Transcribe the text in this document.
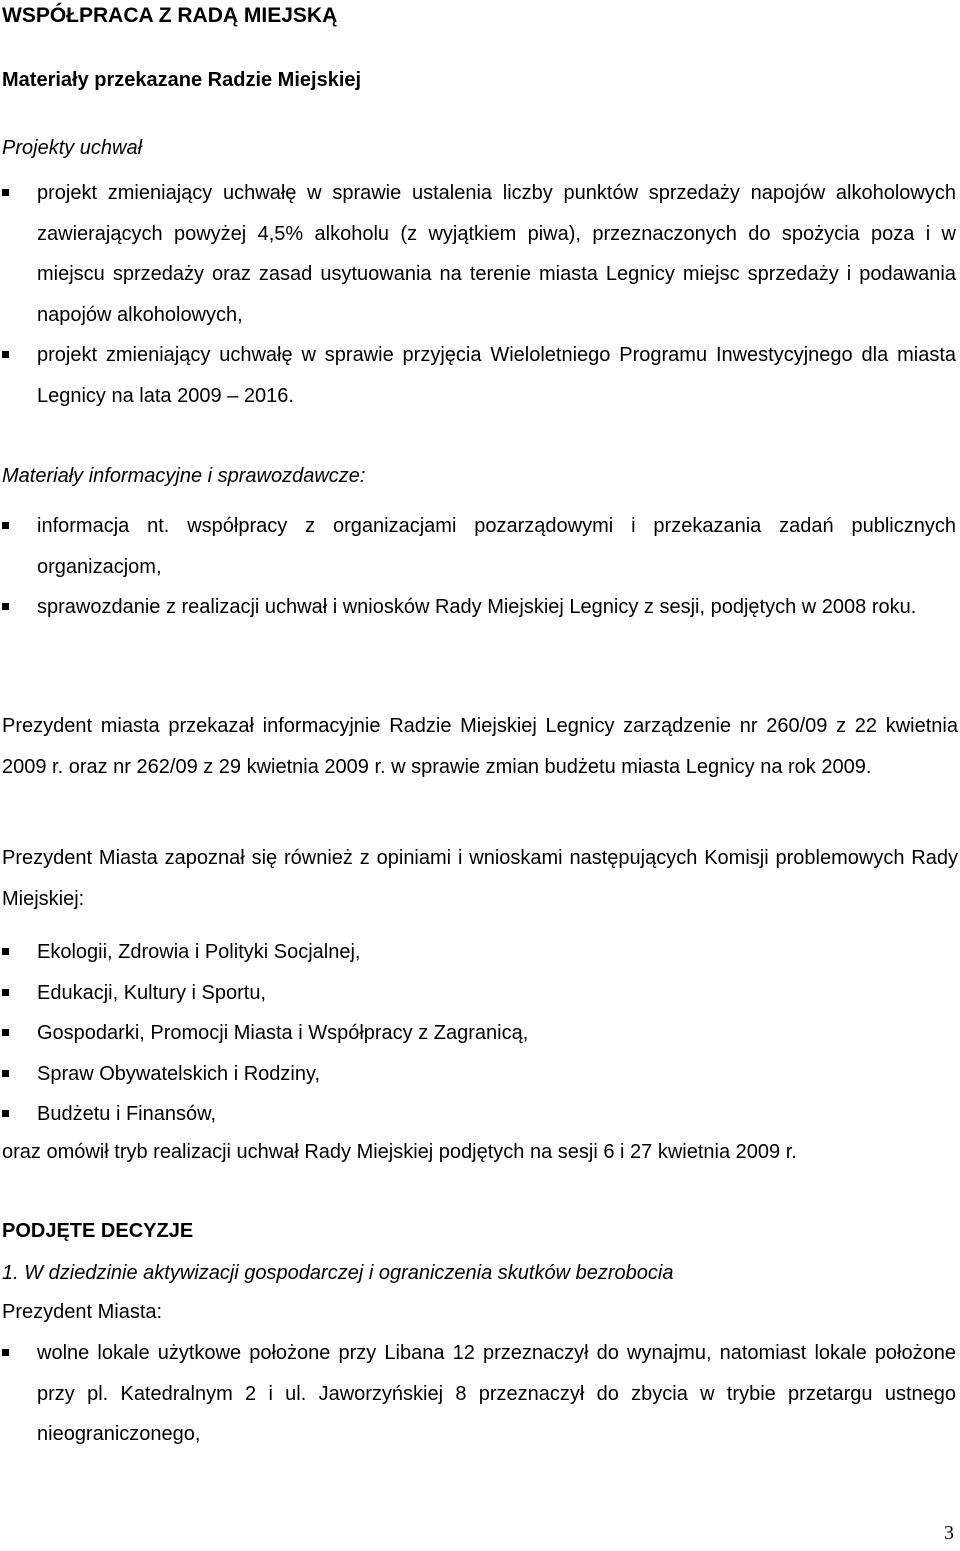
WSPÓŁPRACA Z RADĄ MIEJSKĄ
Materiały przekazane Radzie Miejskiej
Projekty uchwał
projekt zmieniający uchwałę w sprawie ustalenia liczby punktów sprzedaży napojów alkoholowych zawierających powyżej 4,5% alkoholu (z wyjątkiem piwa), przeznaczonych do spożycia poza i w miejscu sprzedaży oraz zasad usytuowania na terenie miasta Legnicy miejsc sprzedaży i podawania napojów alkoholowych,
projekt zmieniający uchwałę w sprawie przyjęcia Wieloletniego Programu Inwestycyjnego dla miasta Legnicy na lata 2009 – 2016.
Materiały informacyjne i sprawozdawcze:
informacja nt. współpracy z organizacjami pozarządowymi i przekazania zadań publicznych organizacjom,
sprawozdanie z realizacji uchwał i wniosków Rady Miejskiej Legnicy z sesji, podjętych w 2008 roku.
Prezydent miasta przekazał informacyjnie Radzie Miejskiej Legnicy zarządzenie nr 260/09 z 22 kwietnia 2009 r. oraz nr 262/09 z 29 kwietnia 2009 r. w sprawie zmian budżetu miasta Legnicy na rok 2009.
Prezydent Miasta zapoznał się również z opiniami i wnioskami następujących Komisji problemowych Rady Miejskiej:
Ekologii, Zdrowia i Polityki Socjalnej,
Edukacji, Kultury i Sportu,
Gospodarki, Promocji Miasta i Współpracy z Zagranicą,
Spraw Obywatelskich i Rodziny,
Budżetu i Finansów,
oraz omówił tryb realizacji uchwał Rady Miejskiej podjętych na sesji 6 i 27 kwietnia 2009 r.
PODJĘTE DECYZJE
1. W dziedzinie aktywizacji gospodarczej i ograniczenia skutków bezrobocia
Prezydent Miasta:
wolne lokale użytkowe położone przy Libana 12 przeznaczył do wynajmu, natomiast lokale położone przy pl. Katedralnym 2 i ul. Jaworzyńskiej 8 przeznaczył do zbycia w trybie przetargu ustnego nieograniczonego,
3
